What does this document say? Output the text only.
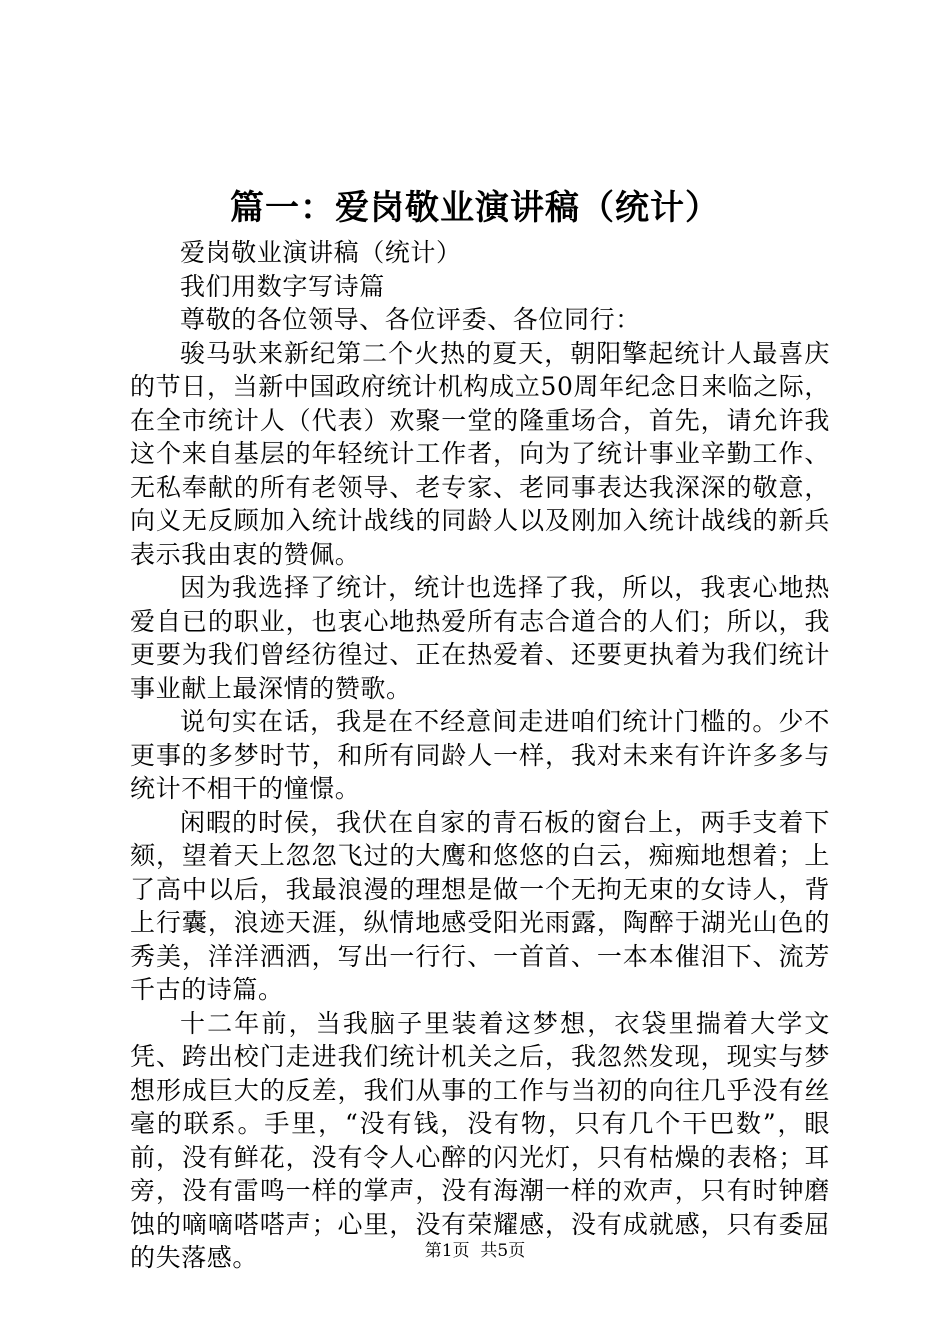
篇一：爱岗敬业演讲稿（统计）

爱岗敬业演讲稿（统计）

我们用数字写诗篇

尊敬的各位领导、各位评委、各位同行：

骏马驮来新纪第二个火热的夏天，朝阳擎起统计人最喜庆的节日，当新中国政府统计机构成立50周年纪念日来临之际，在全市统计人（代表）欢聚一堂的隆重场合，首先，请允许我这个来自基层的年轻统计工作者，向为了统计事业辛勤工作、无私奉献的所有老领导、老专家、老同事表达我深深的敬意，向义无反顾加入统计战线的同龄人以及刚加入统计战线的新兵表示我由衷的赞佩。

因为我选择了统计，统计也选择了我，所以，我衷心地热爱自已的职业，也衷心地热爱所有志合道合的人们；所以，我更要为我们曾经彷徨过、正在热爱着、还要更执着为我们统计事业献上最深情的赞歌。

说句实在话，我是在不经意间走进咱们统计门槛的。少不更事的多梦时节，和所有同龄人一样，我对未来有许许多多与统计不相干的憧憬。

闲暇的时侯，我伏在自家的青石板的窗台上，两手支着下颏，望着天上忽忽飞过的大鹰和悠悠的白云，痴痴地想着；上了高中以后，我最浪漫的理想是做一个无拘无束的女诗人，背上行囊，浪迹天涯，纵情地感受阳光雨露，陶醉于湖光山色的秀美，洋洋洒洒，写出一行行、一首首、一本本催泪下、流芳千古的诗篇。

十二年前，当我脑子里装着这梦想，衣袋里揣着大学文凭、跨出校门走进我们统计机关之后，我忽然发现，现实与梦想形成巨大的反差，我们从事的工作与当初的向往几乎没有丝毫的联系。手里，“没有钱，没有物，只有几个干巴数”，眼前，没有鲜花，没有令人心醉的闪光灯，只有枯燥的表格；耳旁，没有雷鸣一样的掌声，没有海潮一样的欢声，只有时钟磨蚀的嘀嘀嗒嗒声；心里，没有荣耀感，没有成就感，只有委屈的失落感。	第1页 共5页
